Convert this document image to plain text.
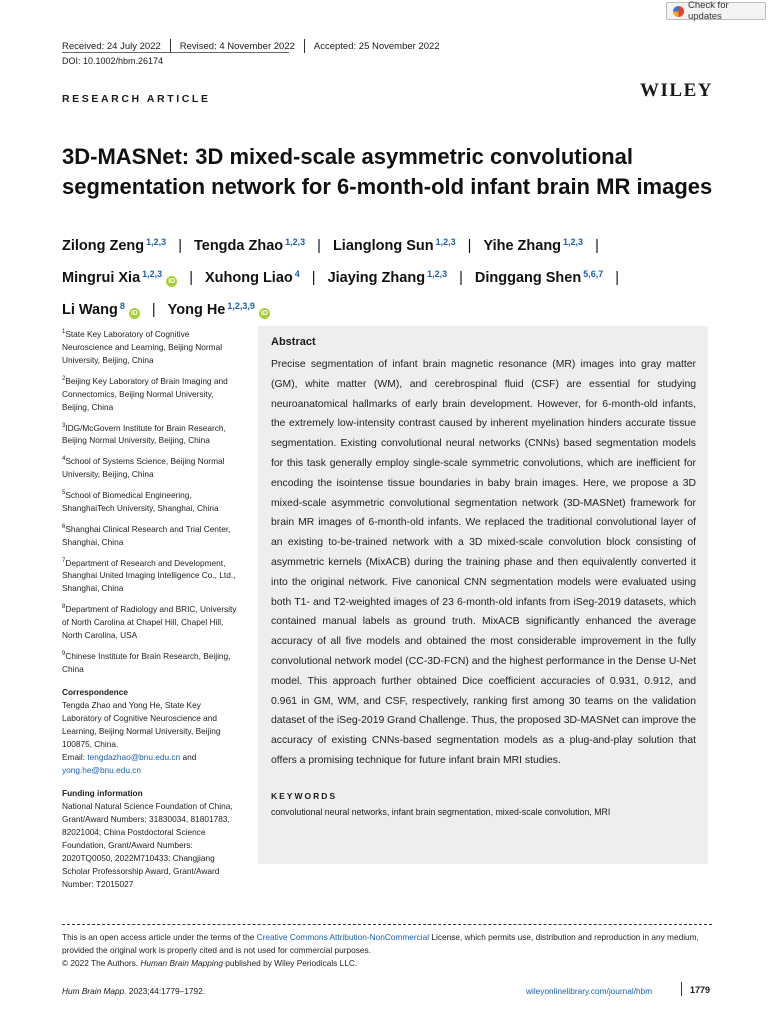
Check for updates
Received: 24 July 2022 Revised: 4 November 2022 Accepted: 25 November 2022
DOI: 10.1002/hbm.26174
RESEARCH ARTICLE	WILEY
3D-MASNet: 3D mixed-scale asymmetric convolutional segmentation network for 6-month-old infant brain MR images
Zilong Zeng $^{1,2,3}$ | Tengda Zhao $^{1,2,3}$ | Lianglong Sun $^{1,2,3}$ | Yihe Zhang $^{1,2,3}$ |
Mingrui Xia $^{1,2,3}$iD | Xuhong Liao $^4$ | Jiaying Zhang $^{1,2,3}$ | Dinggang Shen $^{5,6,7}$ |
Li Wang $^8$iD | Yong He $^{1,2,3,9}$iD
$^1$State Key Laboratory of Cognitive Neuroscience and Learning, Beijing Normal University, Beijing, China
$^2$Beijing Key Laboratory of Brain Imaging and Connectomics, Beijing Normal University, Beijing, China
$^3$IDG/McGovern Institute for Brain Research, Beijing Normal University, Beijing, China
$^4$School of Systems Science, Beijing Normal University, Beijing, China
$^5$School of Biomedical Engineering, ShanghaiTech University, Shanghai, China
$^6$Shanghai Clinical Research and Trial Center, Shanghai, China
$^7$Department of Research and Development, Shanghai United Imaging Intelligence Co., Ltd., Shanghai, China
$^8$Department of Radiology and BRIC, University of North Carolina at Chapel Hill, Chapel Hill, North Carolina, USA
$^9$Chinese Institute for Brain Research, Beijing, China
Correspondence
Tengda Zhao and Yong He, State Key Laboratory of Cognitive Neuroscience and Learning, Beijing Normal University, Beijing 100875, China.
Email: tengdazhao@bnu.edu.cn and yong.he@bnu.edu.cn
Funding information
National Natural Science Foundation of China, Grant/Award Numbers: 31830034, 81801783, 82021004; China Postdoctoral Science Foundation, Grant/Award Numbers: 2020TQ0050, 2022M710433; Changjiang Scholar Professorship Award, Grant/Award Number: T2015027
Abstract

Precise segmentation of infant brain magnetic resonance (MR) images into gray matter (GM), white matter (WM), and cerebrospinal fluid (CSF) are essential for studying neuroanatomical hallmarks of early brain development. However, for 6-month-old infants, the extremely low-intensity contrast caused by inherent myelination hinders accurate tissue segmentation. Existing convolutional neural networks (CNNs) based segmentation models for this task generally employ single-scale symmetric convolutions, which are inefficient for encoding the isointense tissue boundaries in baby brain images. Here, we propose a 3D mixed-scale asymmetric convolutional segmentation network (3D-MASNet) framework for brain MR images of 6-month-old infants. We replaced the traditional convolutional layer of an existing to-be-trained network with a 3D mixed-scale convolution block consisting of asymmetric kernels (MixACB) during the training phase and then equivalently converted it into the original network. Five canonical CNN segmentation models were evaluated using both T1- and T2-weighted images of 23 6-month-old infants from iSeg-2019 datasets, which contained manual labels as ground truth. MixACB significantly enhanced the average accuracy of all five models and obtained the most considerable improvement in the fully convolutional network model (CC-3D-FCN) and the highest performance in the Dense U-Net model. This approach further obtained Dice coefficient accuracies of 0.931, 0.912, and 0.961 in GM, WM, and CSF, respectively, ranking first among 30 teams on the validation dataset of the iSeg-2019 Grand Challenge. Thus, the proposed 3D-MASNet can improve the accuracy of existing CNNs-based segmentation models as a plug-and-play solution that offers a promising technique for future infant brain MRI studies.

KEYWORDS
convolutional neural networks, infant brain segmentation, mixed-scale convolution, MRI
This is an open access article under the terms of the Creative Commons Attribution-NonCommercial License, which permits use, distribution and reproduction in any medium, provided the original work is properly cited and is not used for commercial purposes.
© 2022 The Authors. Human Brain Mapping published by Wiley Periodicals LLC.
Hum Brain Mapp. 2023;44:1779–1792.	wileyonlinelibrary.com/journal/hbm	1779
